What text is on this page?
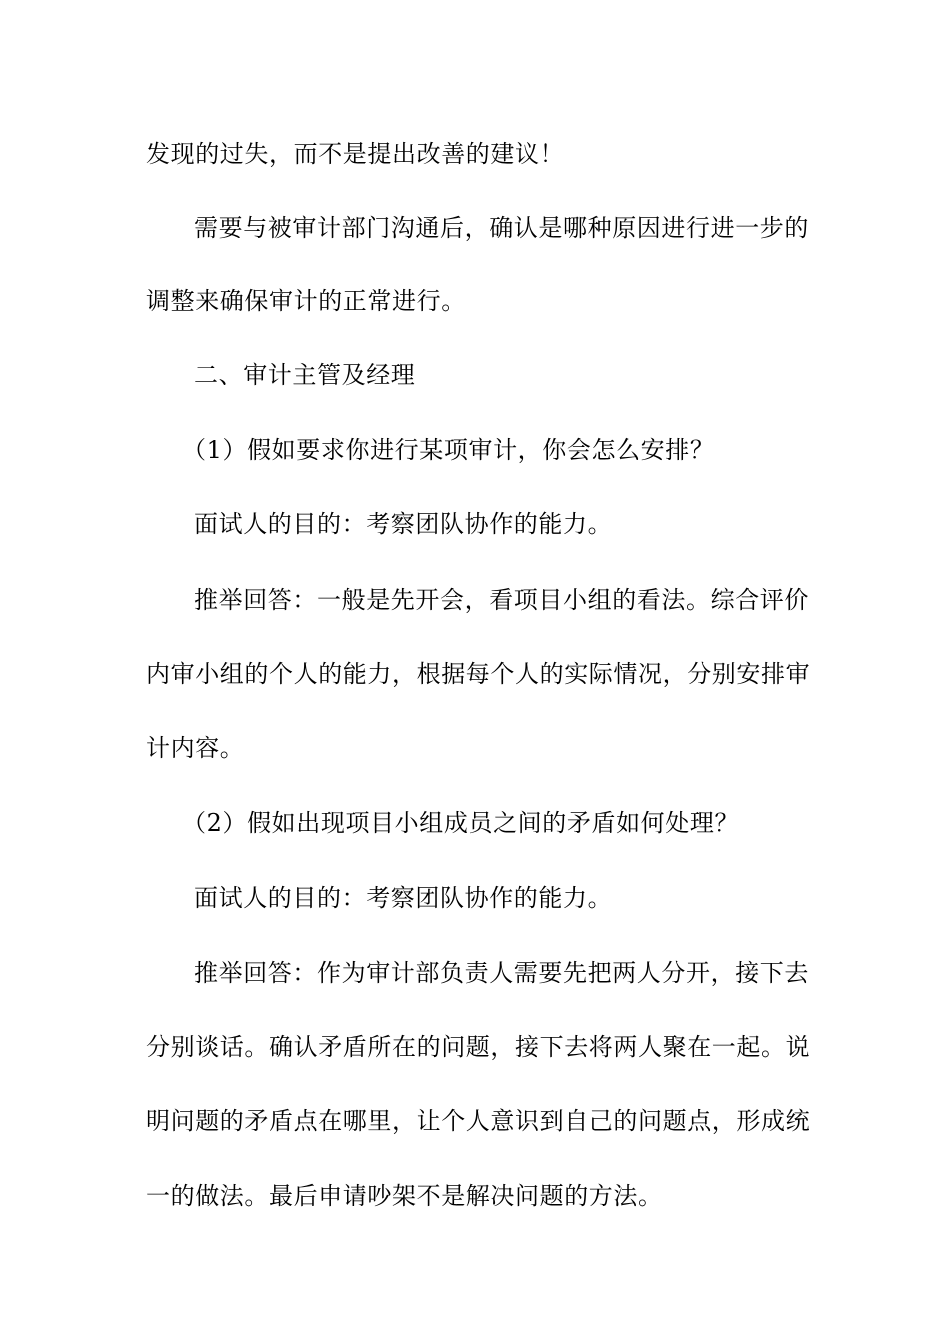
发现的过失，而不是提出改善的建议！
需要与被审计部门沟通后，确认是哪种原因进行进一步的
调整来确保审计的正常进行。
二、审计主管及经理
（1）假如要求你进行某项审计，你会怎么安排？
面试人的目的：考察团队协作的能力。
推举回答：一般是先开会，看项目小组的看法。综合评价
内审小组的个人的能力，根据每个人的实际情况，分别安排审
计内容。
（2）假如出现项目小组成员之间的矛盾如何处理？
面试人的目的：考察团队协作的能力。
推举回答：作为审计部负责人需要先把两人分开，接下去
分别谈话。确认矛盾所在的问题，接下去将两人聚在一起。说
明问题的矛盾点在哪里，让个人意识到自己的问题点，形成统
一的做法。最后申请吵架不是解决问题的方法。
